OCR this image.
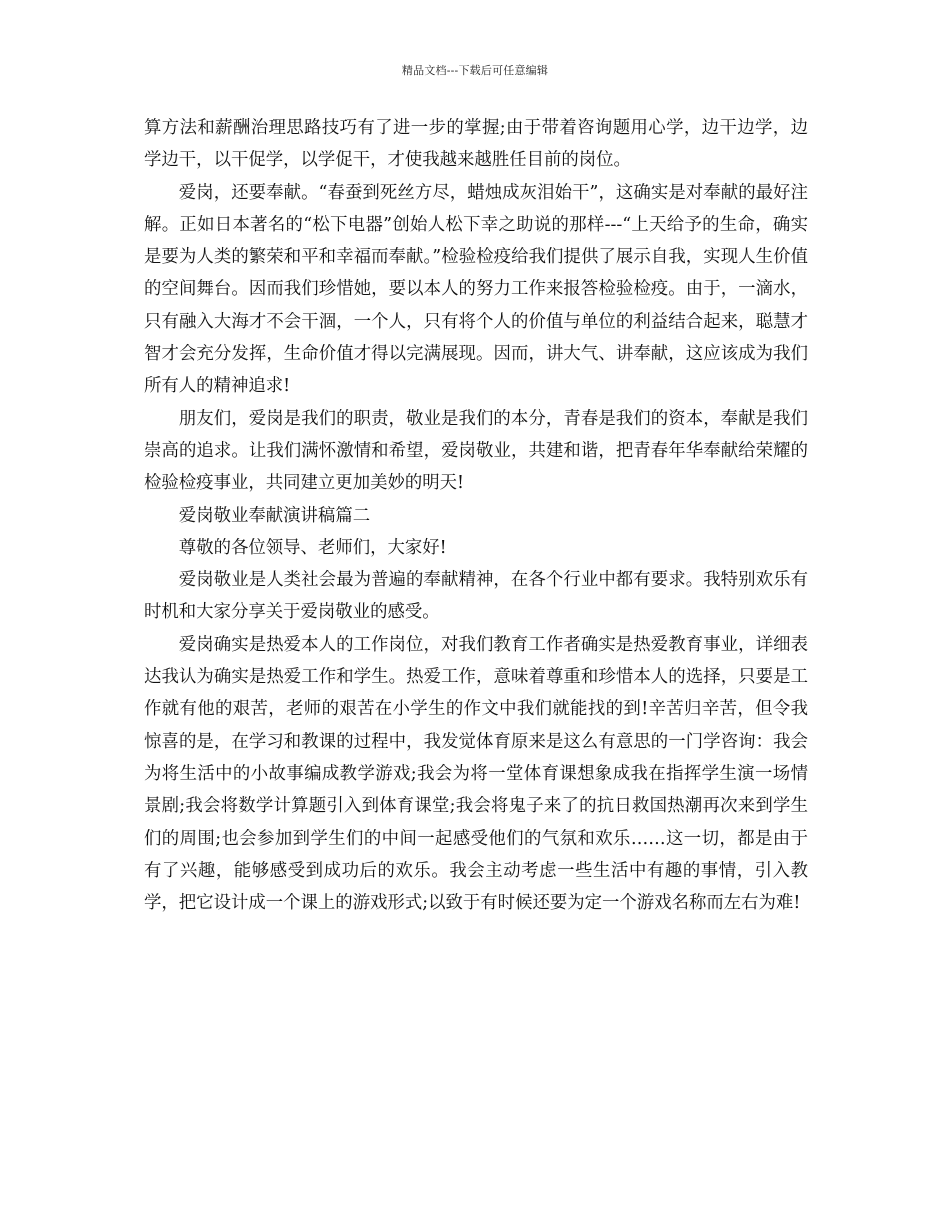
精品文档---下载后可任意编辑

算方法和薪酬治理思路技巧有了进一步的掌握;由于带着咨询题用心学，边干边学，边学边干，以干促学，以学促干，才使我越来越胜任目前的岗位。

爱岗，还要奉献。“春蚕到死丝方尽，蜡烛成灰泪始干”，这确实是对奉献的最好注解。正如日本著名的“松下电器”创始人松下幸之助说的那样---“上天给予的生命，确实是要为人类的繁荣和平和幸福而奉献。”检验检疫给我们提供了展示自我，实现人生价值的空间舞台。因而我们珍惜她，要以本人的努力工作来报答检验检疫。由于，一滴水，只有融入大海才不会干涸，一个人，只有将个人的价值与单位的利益结合起来，聪慧才智才会充分发挥，生命价值才得以完满展现。因而，讲大气、讲奉献，这应该成为我们所有人的精神追求!

朋友们，爱岗是我们的职责，敬业是我们的本分，青春是我们的资本，奉献是我们崇高的追求。让我们满怀激情和希望，爱岗敬业，共建和谐，把青春年华奉献给荣耀的检验检疫事业，共同建立更加美妙的明天!

爱岗敬业奉献演讲稿篇二

尊敬的各位领导、老师们，大家好!

爱岗敬业是人类社会最为普遍的奉献精神，在各个行业中都有要求。我特别欢乐有时机和大家分享关于爱岗敬业的感受。

爱岗确实是热爱本人的工作岗位，对我们教育工作者确实是热爱教育事业，详细表达我认为确实是热爱工作和学生。热爱工作，意味着尊重和珍惜本人的选择，只要是工作就有他的艰苦，老师的艰苦在小学生的作文中我们就能找的到!辛苦归辛苦，但令我惊喜的是，在学习和教课的过程中，我发觉体育原来是这么有意思的一门学咨询：我会为将生活中的小故事编成教学游戏;我会为将一堂体育课想象成我在指挥学生演一场情景剧;我会将数学计算题引入到体育课堂;我会将鬼子来了的抗日救国热潮再次来到学生们的周围;也会参加到学生们的中间一起感受他们的气氛和欢乐……这一切，都是由于有了兴趣，能够感受到成功后的欢乐。我会主动考虑一些生活中有趣的事情，引入教学，把它设计成一个课上的游戏形式;以致于有时候还要为定一个游戏名称而左右为难!
